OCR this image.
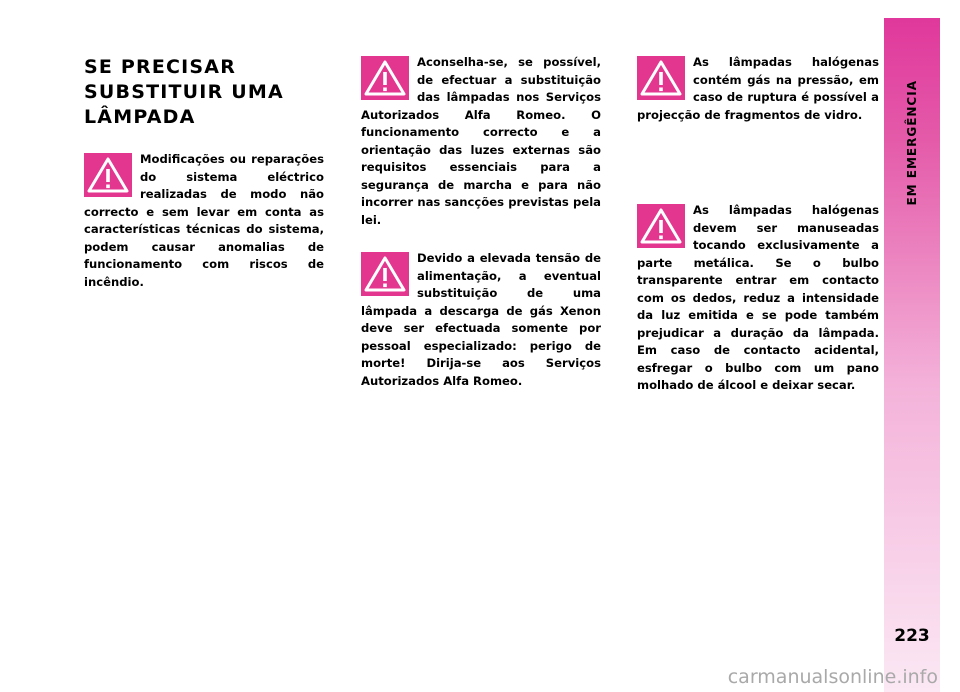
EM EMERGÊNCIA
223
SE PRECISAR SUBSTITUIR UMA LÂMPADA

Modificações ou reparações do sistema eléctrico realizadas de modo não correcto e sem levar em conta as características técnicas do sistema, podem causar anomalias de funcionamento com riscos de incêndio.

Aconselha-se, se possível, de efectuar a substituição das lâmpadas nos Serviços Autorizados Alfa Romeo. O funcionamento correcto e a orientação das luzes externas são requisitos essenciais para a segurança de marcha e para não incorrer nas sancções previstas pela lei.

Devido a elevada tensão de alimentação, a eventual substituição de uma lâmpada a descarga de gás Xenon deve ser efectuada somente por pessoal especializado: perigo de morte! Dirija-se aos Serviços Autorizados Alfa Romeo.

As lâmpadas halógenas contém gás na pressão, em caso de ruptura é possível a projecção de fragmentos de vidro.

As lâmpadas halógenas devem ser manuseadas tocando exclusivamente a parte metálica. Se o bulbo transparente entrar em contacto com os dedos, reduz a intensidade da luz emitida e se pode também prejudicar a duração da lâmpada. Em caso de contacto acidental, esfregar o bulbo com um pano molhado de álcool e deixar secar.

carmanualsonline.info
